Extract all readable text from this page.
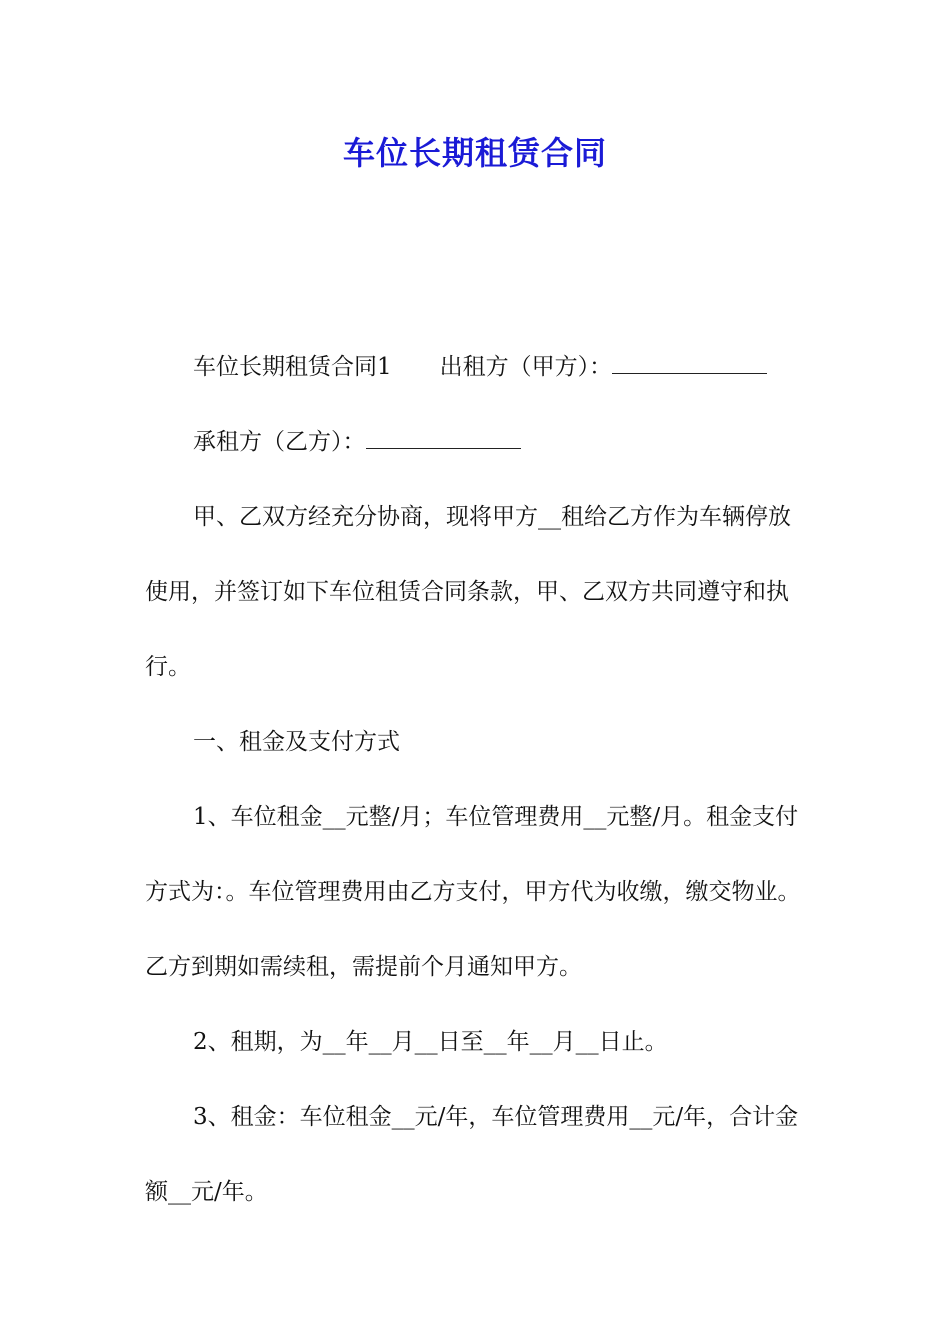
车位长期租赁合同

车位长期租赁合同1 出租方（甲方）：

承租方（乙方）：

甲、乙双方经充分协商，现将甲方__租给乙方作为车辆停放使用，并签订如下车位租赁合同条款，甲、乙双方共同遵守和执行。

一、租金及支付方式

1、车位租金__元整/月；车位管理费用__元整/月。租金支付方式为：。车位管理费用由乙方支付，甲方代为收缴，缴交物业。乙方到期如需续租，需提前个月通知甲方。

2、租期，为__年__月__日至__年__月__日止。

3、租金：车位租金__元/年，车位管理费用__元/年，合计金额__元/年。
